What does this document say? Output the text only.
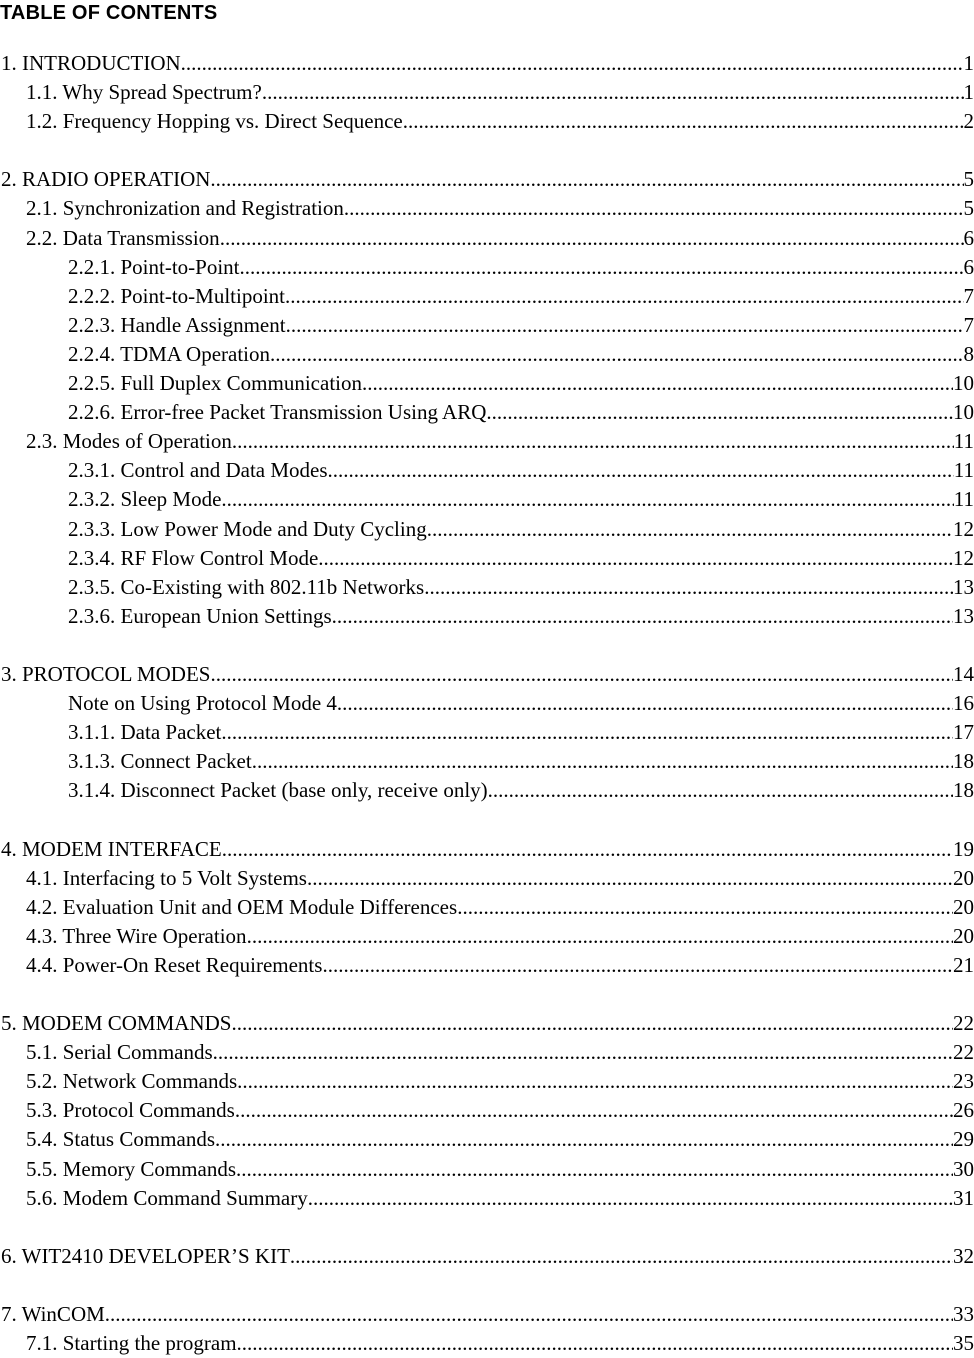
TABLE OF CONTENTS
1. INTRODUCTION .....	1
1.1. Why Spread Spectrum? .....	1
1.2. Frequency Hopping vs. Direct Sequence .....	2
2. RADIO OPERATION .....	5
2.1. Synchronization and Registration .....	5
2.2. Data Transmission .....	6
2.2.1. Point-to-Point .....	6
2.2.2. Point-to-Multipoint .....	7
2.2.3. Handle Assignment .....	7
2.2.4. TDMA Operation .....	8
2.2.5. Full Duplex Communication .....	10
2.2.6. Error-free Packet Transmission Using ARQ .....	10
2.3. Modes of Operation .....	11
2.3.1. Control and Data Modes .....	11
2.3.2. Sleep Mode .....	11
2.3.3. Low Power Mode and Duty Cycling .....	12
2.3.4. RF Flow Control Mode .....	12
2.3.5. Co-Existing with 802.11b Networks .....	13
2.3.6. European Union Settings .....	13
3. PROTOCOL MODES .....	14
Note on Using Protocol Mode 4 .....	16
3.1.1. Data Packet .....	17
3.1.3. Connect Packet .....	18
3.1.4. Disconnect Packet (base only, receive only) .....	18
4. MODEM INTERFACE .....	19
4.1. Interfacing to 5 Volt Systems .....	20
4.2. Evaluation Unit and OEM Module Differences .....	20
4.3. Three Wire Operation .....	20
4.4. Power-On Reset Requirements .....	21
5. MODEM COMMANDS .....	22
5.1. Serial Commands .....	22
5.2. Network Commands .....	23
5.3. Protocol Commands .....	26
5.4. Status Commands .....	29
5.5. Memory Commands .....	30
5.6. Modem Command Summary .....	31
6. WIT2410 DEVELOPER’S KIT .....	32
7. WinCOM .....	33
7.1. Starting the program .....	35
